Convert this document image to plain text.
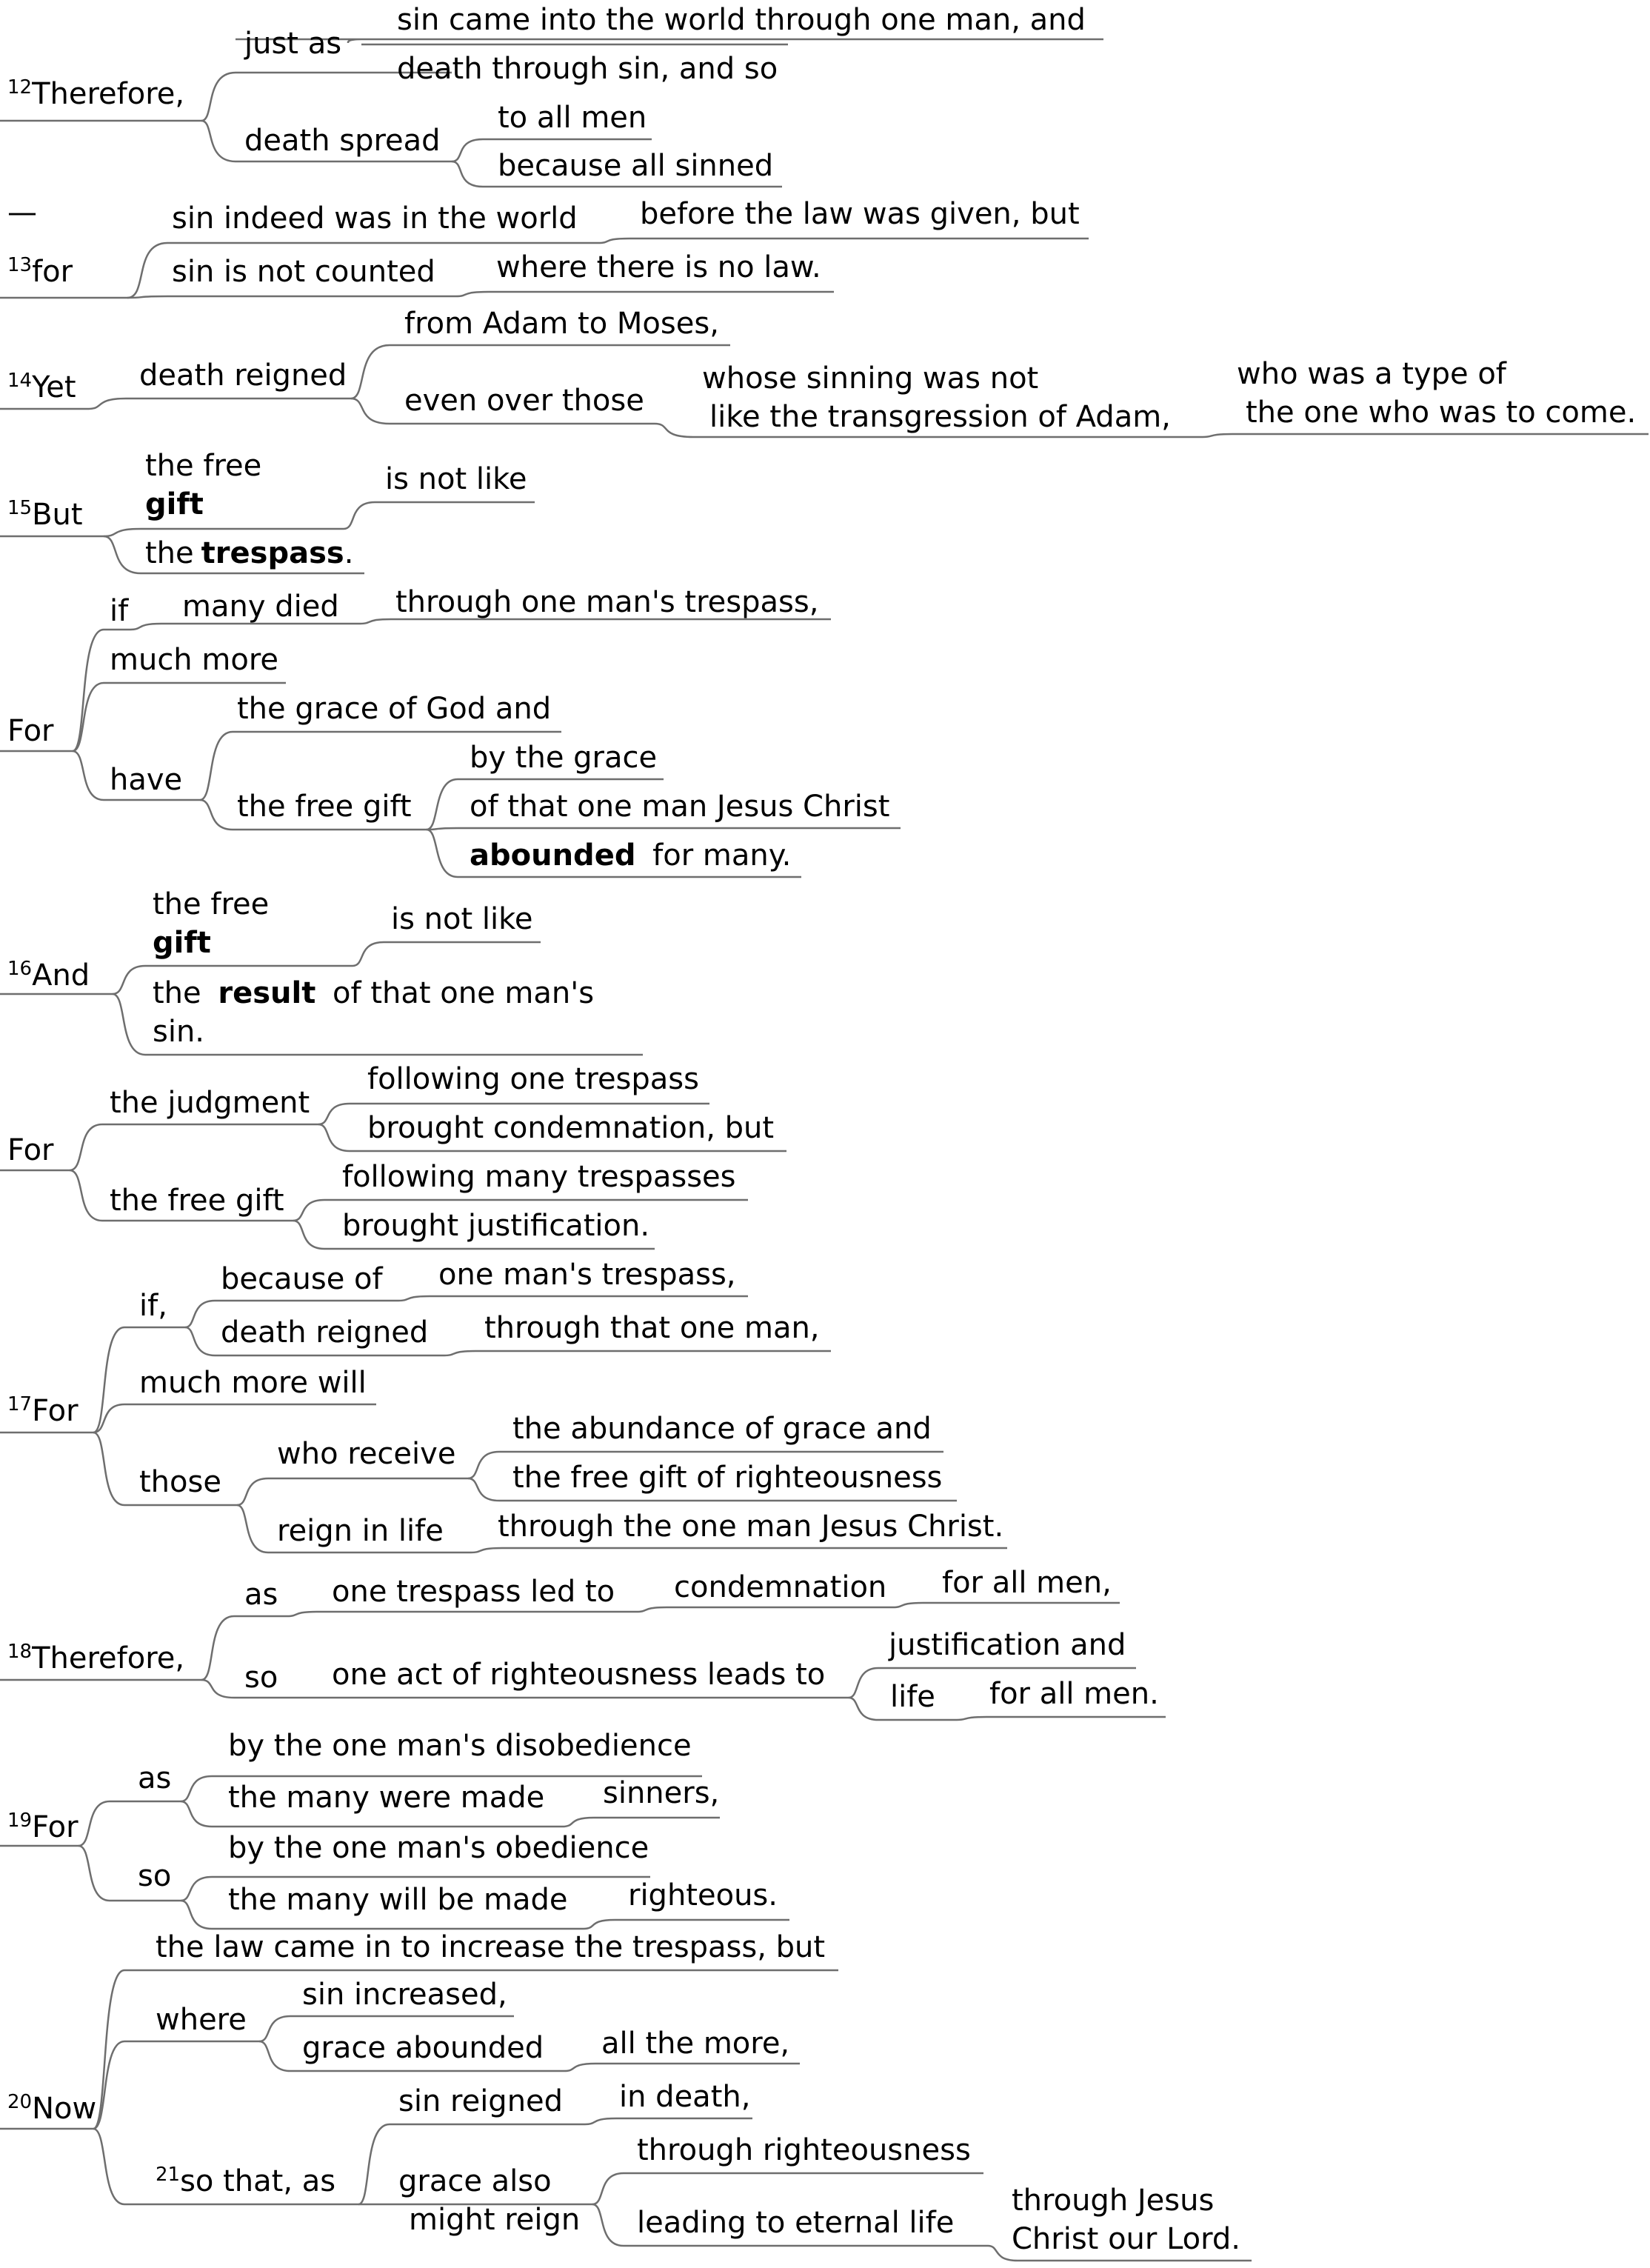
$^{12}$Therefore,
just as
sin came into the world through one man, and
death through sin, and so
death spread
to all men
because all sinned
—
$^{13}$for
sin indeed was in the world before the law was given, but
sin is not counted where there is no law.
$^{14}$Yet death reigned
from Adam to Moses,
even over those
whose sinning was not
like the transgression of Adam,
who was a type of
the one who was to come.
$^{15}$But
the free
gift
is not like
the trespass.
For
if many died through one man's trespass,
much more
have
the grace of God and
the free gift
by the grace
of that one man Jesus Christ
abounded for many.
$^{16}$And
the free
gift
is not like
the result of that one man's
sin.
For
the judgment
following one trespass
brought condemnation, but
the free gift
following many trespasses
brought justification.
$^{17}$For
if,
because of one man's trespass,
death reigned through that one man,
much more will
those
who receive
the abundance of grace and
the free gift of righteousness
reign in life through the one man Jesus Christ.
$^{18}$Therefore,
as one trespass led to condemnation for all men,
so one act of righteousness leads to
justification and
life for all men.
$^{19}$For
as
by the one man's disobedience
the many were made sinners,
so
by the one man's obedience
the many will be made righteous.
$^{20}$Now
the law came in to increase the trespass, but
where
sin increased,
grace abounded all the more,
$^{21}$so that, as
sin reigned in death,
grace also
might reign
through righteousness
leading to eternal life
through Jesus
Christ our Lord.
